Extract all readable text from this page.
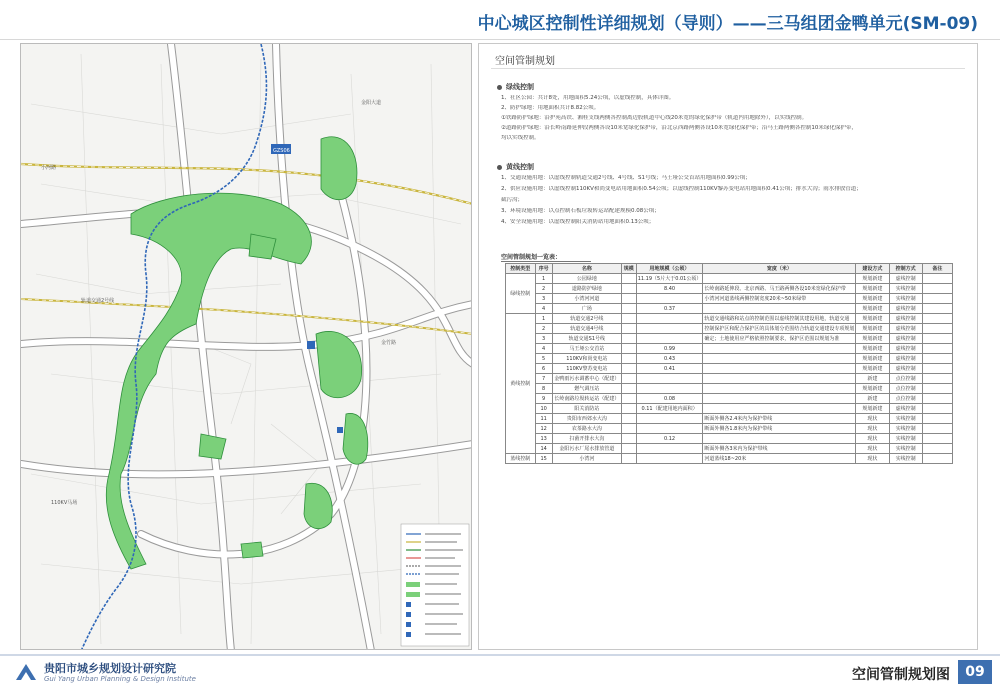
中心城区控制性详细规划（导则）——三马组团金鸭单元(SM-09)
GZS06
小河路
轨道交通2号线
金阳大道
金竹路
110KV马场
空间管制规划
绿线控制
1、社区公园：共计8处，用地面积5.24公顷，以虚线控制，具体详图。
2、防护绿地：用地面积共计8.82公顷。
①铁路防护绿地：沿护苑高铁、湘桂支线两侧各控制离边股轨道中心线20米宽的绿化保护带（轨道内用地除外），以实线控制。
②道路防护绿地：沿长岭南路延伸段两侧各设10米宽绿化保护带，沿北京西路两侧各设10米宽绿化保护带；沿马王路两侧各控制10米绿化保护带，
均以实线控制。
黄线控制
1、交通设施用地：以虚线控制轨道交通2号线、4号线、S1号线；马王垭公交首站用地面积0.99公顷；
2、供应设施用地：以虚线控制110KV和尚变电站用地面积0.54公顷；以虚线控制110KV黎苏变电站用地面积0.41公顷；排水大沟；雨水排放管道；
截污沟；
3、环境设施用地：以点控制石板垃圾转运站配建规模0.08公顷；
4、安全设施用地：以虚线控制阳关消防站用地面积0.13公顷；
空间管制规划一览表：
控制类型	序号	名称	规模	用地规模（公顷）	宽度（米）	建设方式	控制方式	备注
绿线控制	1	公园绿地		11.19（5片大于0.01公顷）		规划新建	虚线控制	
	2	道路防护绿地		8.40	长岭南路延伸段、北京西路、马王路两侧各设10米宽绿化保护带	规划新建	实线控制	
	3	小湾河河道			小湾河河道蓝线两侧控制宽度20米~50米绿带	规划新建	实线控制	
	4	广场		0.37		规划新建	虚线控制	
黄线控制	1	轨道交通2号线			轨道交通线路和站点的控制范围以虚线控制其建设用地，轨道交通	规划新建	虚线控制	
	2	轨道交通4号线			控制保护区和配合保护区的具体划分范围结合轨道交通建设专项规划	规划新建	虚线控制	
	3	轨道交通S1号线			确定；土地使用应严格依照控制要求，保护区范围以规划为准	规划新建	虚线控制	
	4	马王垭公交首站		0.99		规划新建	虚线控制	
	5	110KV和尚变电站		0.43		规划新建	虚线控制	
	6	110KV黎苏变电站		0.41		规划新建	虚线控制	
	7	金鸭雨污水调蓄中心（配建）				新建	点位控制	
	8	燃气调压站				规划新建	点位控制	
	9	长岭南路垃圾转运站（配建）		0.08		新建	点位控制	
	10	阳关消防站		0.11（配建用地内面积）		规划新建	虚线控制	
	11	贵阳市西郊水大沟			断面外侧各2.4米内为保护带线	现状	实线控制	
	12	农茶路水大沟			断面外侧各1.8米内为保护带线	现状	实线控制	
	13	扫菌开排水大沟		0.12		现状	实线控制	
	14	金阳污水厂尾水排放管道			断面外侧各3米内为保护带线	现状	实线控制	
蓝线控制	15	小湾河			河道蓝线18~20米	现状	实线控制	
贵阳市城乡规划设计研究院
Gui Yang Urban Planning & Design Institute	空间管制规划图	09
